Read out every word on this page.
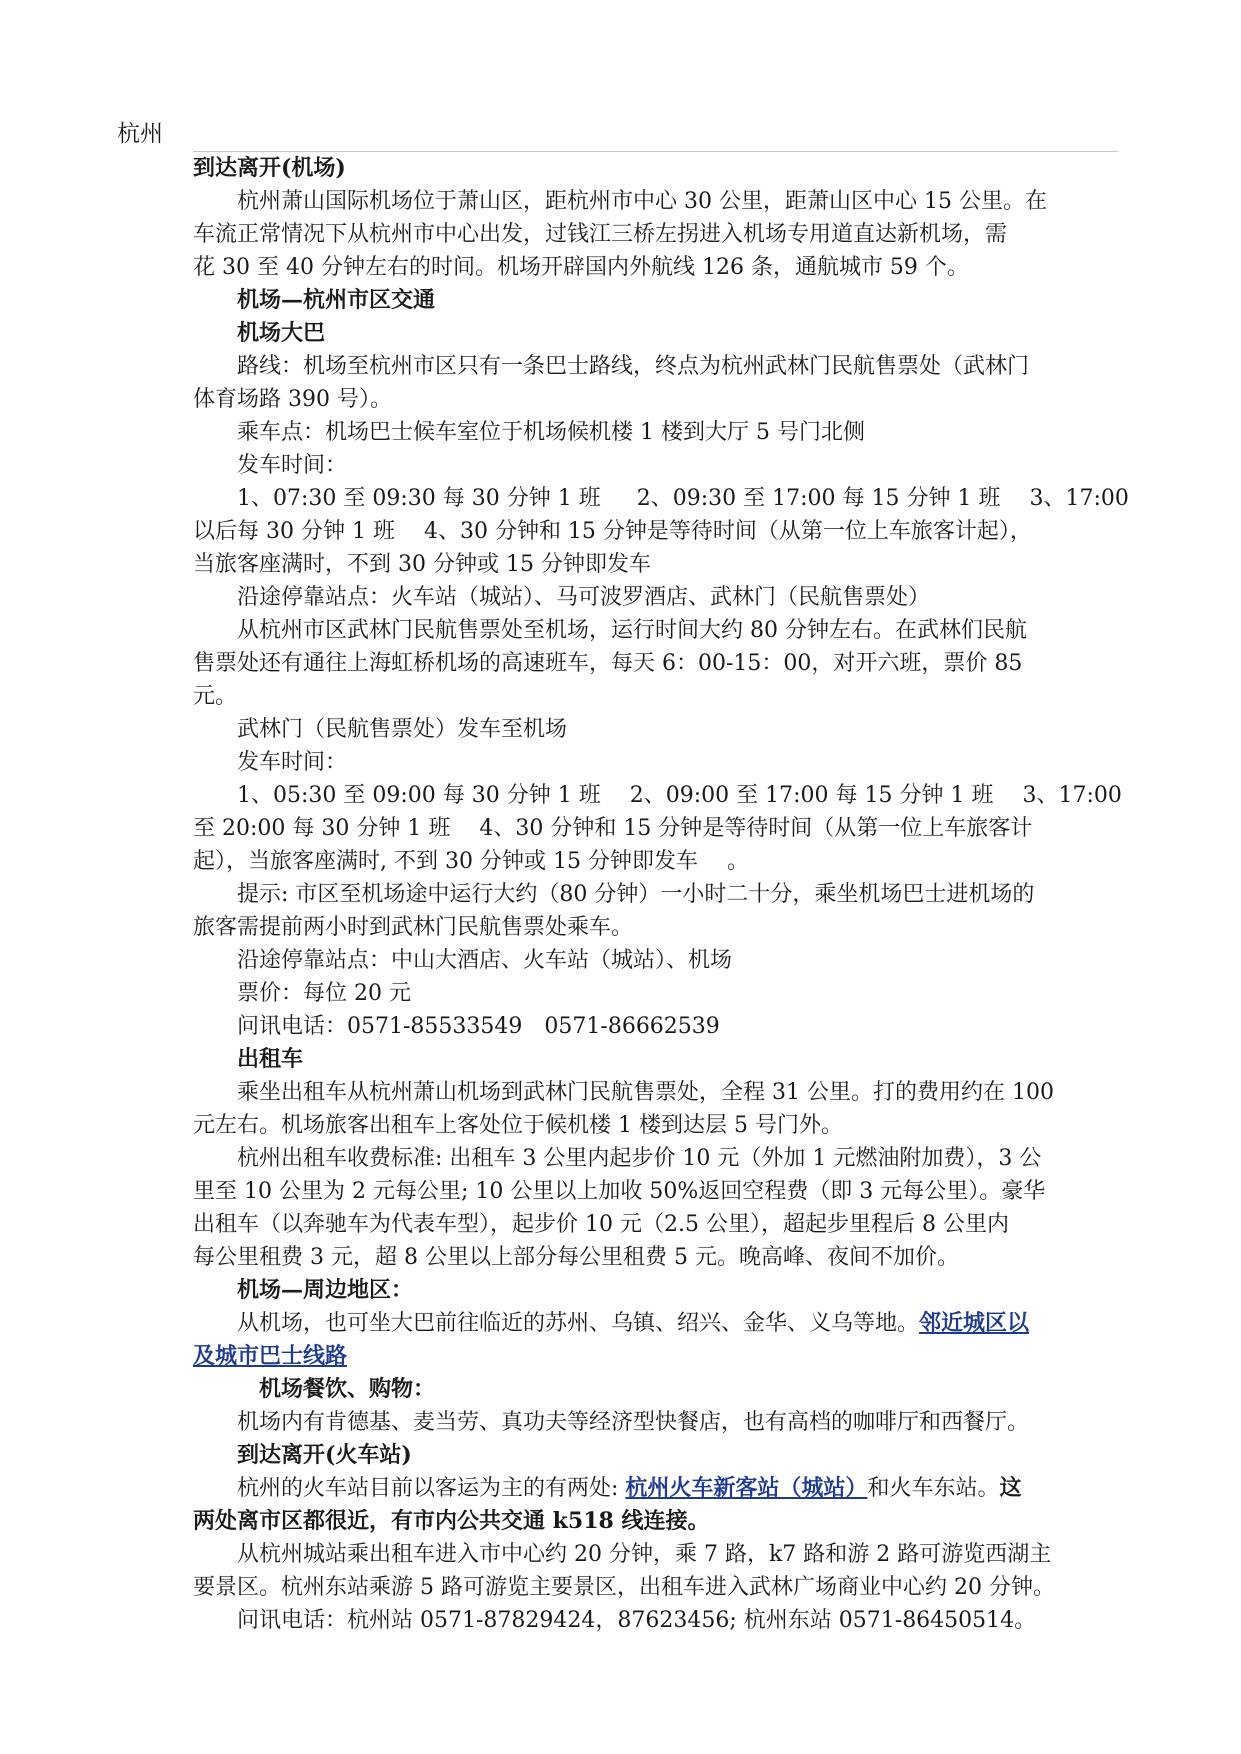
杭州
到达离开(机场)
　　杭州萧山国际机场位于萧山区，距杭州市中心 30 公里，距萧山区中心 15 公里。在
车流正常情况下从杭州市中心出发，过钱江三桥左拐进入机场专用道直达新机场，需
花 30 至 40 分钟左右的时间。机场开辟国内外航线 126 条，通航城市 59 个。
　　机场—杭州市区交通
　　机场大巴
　　路线：机场至杭州市区只有一条巴士路线，终点为杭州武林门民航售票处（武林门
体育场路 390 号）。
　　乘车点：机场巴士候车室位于机场候机楼 1 楼到大厅 5 号门北侧
　　发车时间：
　　1、07:30 至 09:30 每 30 分钟 1 班　  2、09:30 至 17:00 每 15 分钟 1 班　 3、17:00
以后每 30 分钟 1 班　 4、30 分钟和 15 分钟是等待时间（从第一位上车旅客计起），
当旅客座满时，不到 30 分钟或 15 分钟即发车
　　沿途停靠站点：火车站（城站）、马可波罗酒店、武林门（民航售票处）
　　从杭州市区武林门民航售票处至机场，运行时间大约 80 分钟左右。在武林们民航
售票处还有通往上海虹桥机场的高速班车，每天 6：00-15：00，对开六班，票价 85
元。
　　武林门（民航售票处）发车至机场
　　发车时间：
　　1、05:30 至 09:00 每 30 分钟 1 班　 2、09:00 至 17:00 每 15 分钟 1 班　 3、17:00
至 20:00 每 30 分钟 1 班　 4、30 分钟和 15 分钟是等待时间（从第一位上车旅客计
起），当旅客座满时, 不到 30 分钟或 15 分钟即发车　 。
　　提示: 市区至机场途中运行大约（80 分钟）一小时二十分，乘坐机场巴士进机场的
旅客需提前两小时到武林门民航售票处乘车。
　　沿途停靠站点：中山大酒店、火车站（城站）、机场
　　票价：每位 20 元
　　问讯电话：0571-85533549　0571-86662539
　　出租车
　　乘坐出租车从杭州萧山机场到武林门民航售票处，全程 31 公里。打的费用约在 100
元左右。机场旅客出租车上客处位于候机楼 1 楼到达层 5 号门外。
　　杭州出租车收费标准: 出租车 3 公里内起步价 10 元（外加 1 元燃油附加费），3 公
里至 10 公里为 2 元每公里; 10 公里以上加收 50%返回空程费（即 3 元每公里）。豪华
出租车（以奔驰车为代表车型），起步价 10 元（2.5 公里），超起步里程后 8 公里内
每公里租费 3 元，超 8 公里以上部分每公里租费 5 元。晚高峰、夜间不加价。
　　机场—周边地区：
　　从机场，也可坐大巴前往临近的苏州、乌镇、绍兴、金华、义乌等地。邻近城区以
及城市巴士线路
　　　机场餐饮、购物：
　　机场内有肯德基、麦当劳、真功夫等经济型快餐店，也有高档的咖啡厅和西餐厅。
　　到达离开(火车站)
　　杭州的火车站目前以客运为主的有两处: 杭州火车新客站（城站）和火车东站。这
两处离市区都很近，有市内公共交通 k518 线连接。
　　从杭州城站乘出租车进入市中心约 20 分钟，乘 7 路，k7 路和游 2 路可游览西湖主
要景区。杭州东站乘游 5 路可游览主要景区，出租车进入武林广场商业中心约 20 分钟。
　　问讯电话：杭州站 0571-87829424，87623456; 杭州东站 0571-86450514。
